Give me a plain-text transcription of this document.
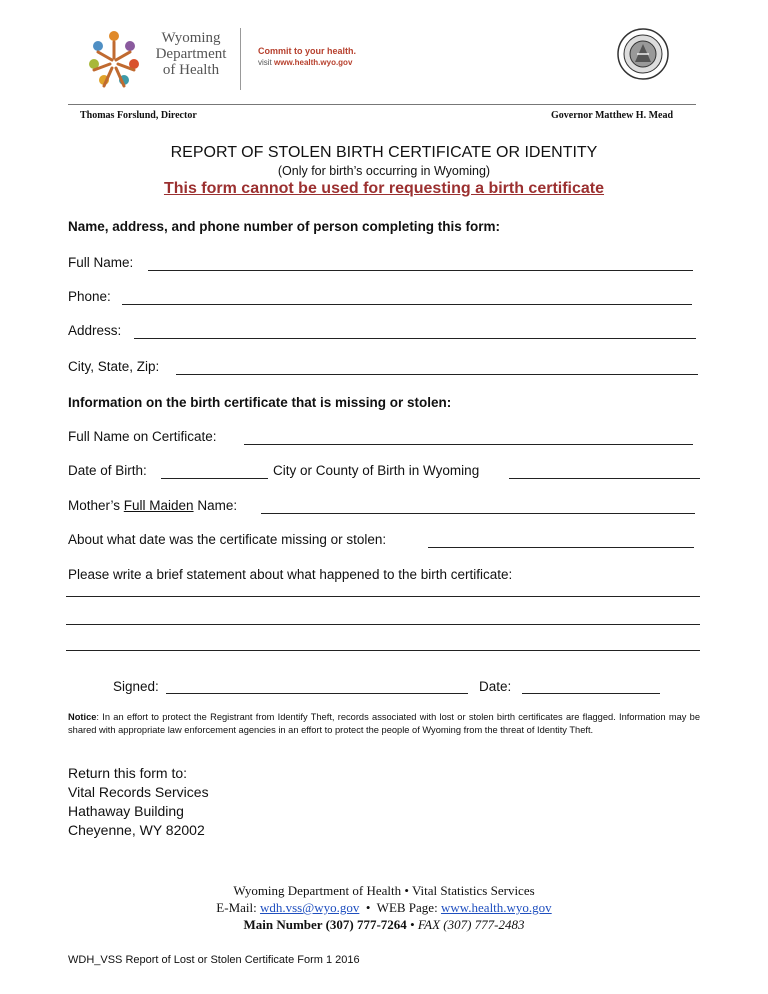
Wyoming
Department
of Health
Commit to your health.
visit www.health.wyo.gov
Thomas Forslund, Director	Governor Matthew H. Mead
REPORT OF STOLEN BIRTH CERTIFICATE OR IDENTITY
(Only for birth’s occurring in Wyoming)
This form cannot be used for requesting a birth certificate
Name, address, and phone number of person completing this form:
Full Name:
Phone:
Address:
City, State, Zip:
Information on the birth certificate that is missing or stolen:
Full Name on Certificate:
Date of Birth:	City or County of Birth in Wyoming
Mother’s Full Maiden Name:
About what date was the certificate missing or stolen:
Please write a brief statement about what happened to the birth certificate:
Signed:	Date:
Notice: In an effort to protect the Registrant from Identify Theft, records associated with lost or stolen birth certificates are flagged. Information may be shared with appropriate law enforcement agencies in an effort to protect the people of Wyoming from the threat of Identity Theft.
Return this form to:
Vital Records Services
Hathaway Building
Cheyenne, WY 82002
Wyoming Department of Health • Vital Statistics Services
E-Mail: wdh.vss@wyo.gov  •  WEB Page: www.health.wyo.gov
Main Number (307) 777-7264 • FAX (307) 777-2483
WDH_VSS Report of Lost or Stolen Certificate Form 1 2016
